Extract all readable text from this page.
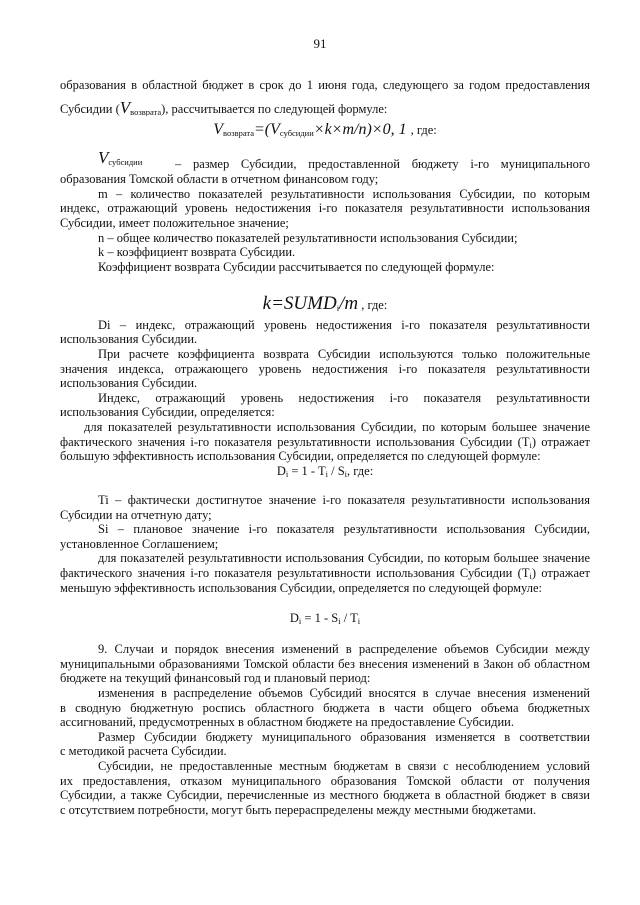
91
образования в областной бюджет в срок до 1 июня года, следующего за годом предоставления
Субсидии $(V_{возврата})$, рассчитывается по следующей формуле:
$V_{возврата}=(V_{субсидии}\times k\times m/n)\times 0$, 1 , где:
$V_{субсидии}$	– размер Субсидии, предоставленной бюджету i-го муниципального
образования Томской области в отчетном финансовом году;
m – количество показателей результативности использования Субсидии, по которым
индекс, отражающий уровень недостижения i-го показателя результативности использования
Субсидии, имеет положительное значение;
n – общее количество показателей результативности использования Субсидии;
k – коэффициент возврата Субсидии.
Коэффициент возврата Субсидии рассчитывается по следующей формуле:
$k=SUMD_i/m$ , где:
Di – индекс, отражающий уровень недостижения i-го показателя результативности
использования Субсидии.
При расчете коэффициента возврата Субсидии используются только положительные
значения индекса, отражающего уровень недостижения i-го показателя результативности
использования Субсидии.
Индекс, отражающий уровень недостижения i-го показателя результативности
использования Субсидии, определяется:
для показателей результативности использования Субсидии, по которым большее значение
фактического значения i-го показателя результативности использования Субсидии $(T_i)$ отражает
большую эффективность использования Субсидии, определяется по следующей формуле:
$D_i = 1 - T_i / S_i$, где:
Ti – фактически достигнутое значение i-го показателя результативности использования
Субсидии на отчетную дату;
Si – плановое значение i-го показателя результативности использования Субсидии,
установленное Соглашением;
для показателей результативности использования Субсидии, по которым большее значение
фактического значения i-го показателя результативности использования Субсидии $(T_i)$ отражает
меньшую эффективность использования Субсидии, определяется по следующей формуле:
$D_i = 1 - S_i / T_i$
9. Случаи и порядок внесения изменений в распределение объемов Субсидии между
муниципальными образованиями Томской области без внесения изменений в Закон об областном
бюджете на текущий финансовый год и плановый период:
изменения в распределение объемов Субсидий вносятся в случае внесения изменений
в сводную бюджетную роспись областного бюджета в части общего объема бюджетных
ассигнований, предусмотренных в областном бюджете на предоставление Субсидии.
Размер Субсидии бюджету муниципального образования изменяется в соответствии
с методикой расчета Субсидии.
Субсидии, не предоставленные местным бюджетам в связи с несоблюдением условий
их предоставления, отказом муниципального образования Томской области от получения
Субсидии, а также Субсидии, перечисленные из местного бюджета в областной бюджет в связи
с отсутствием потребности, могут быть перераспределены между местными бюджетами.
